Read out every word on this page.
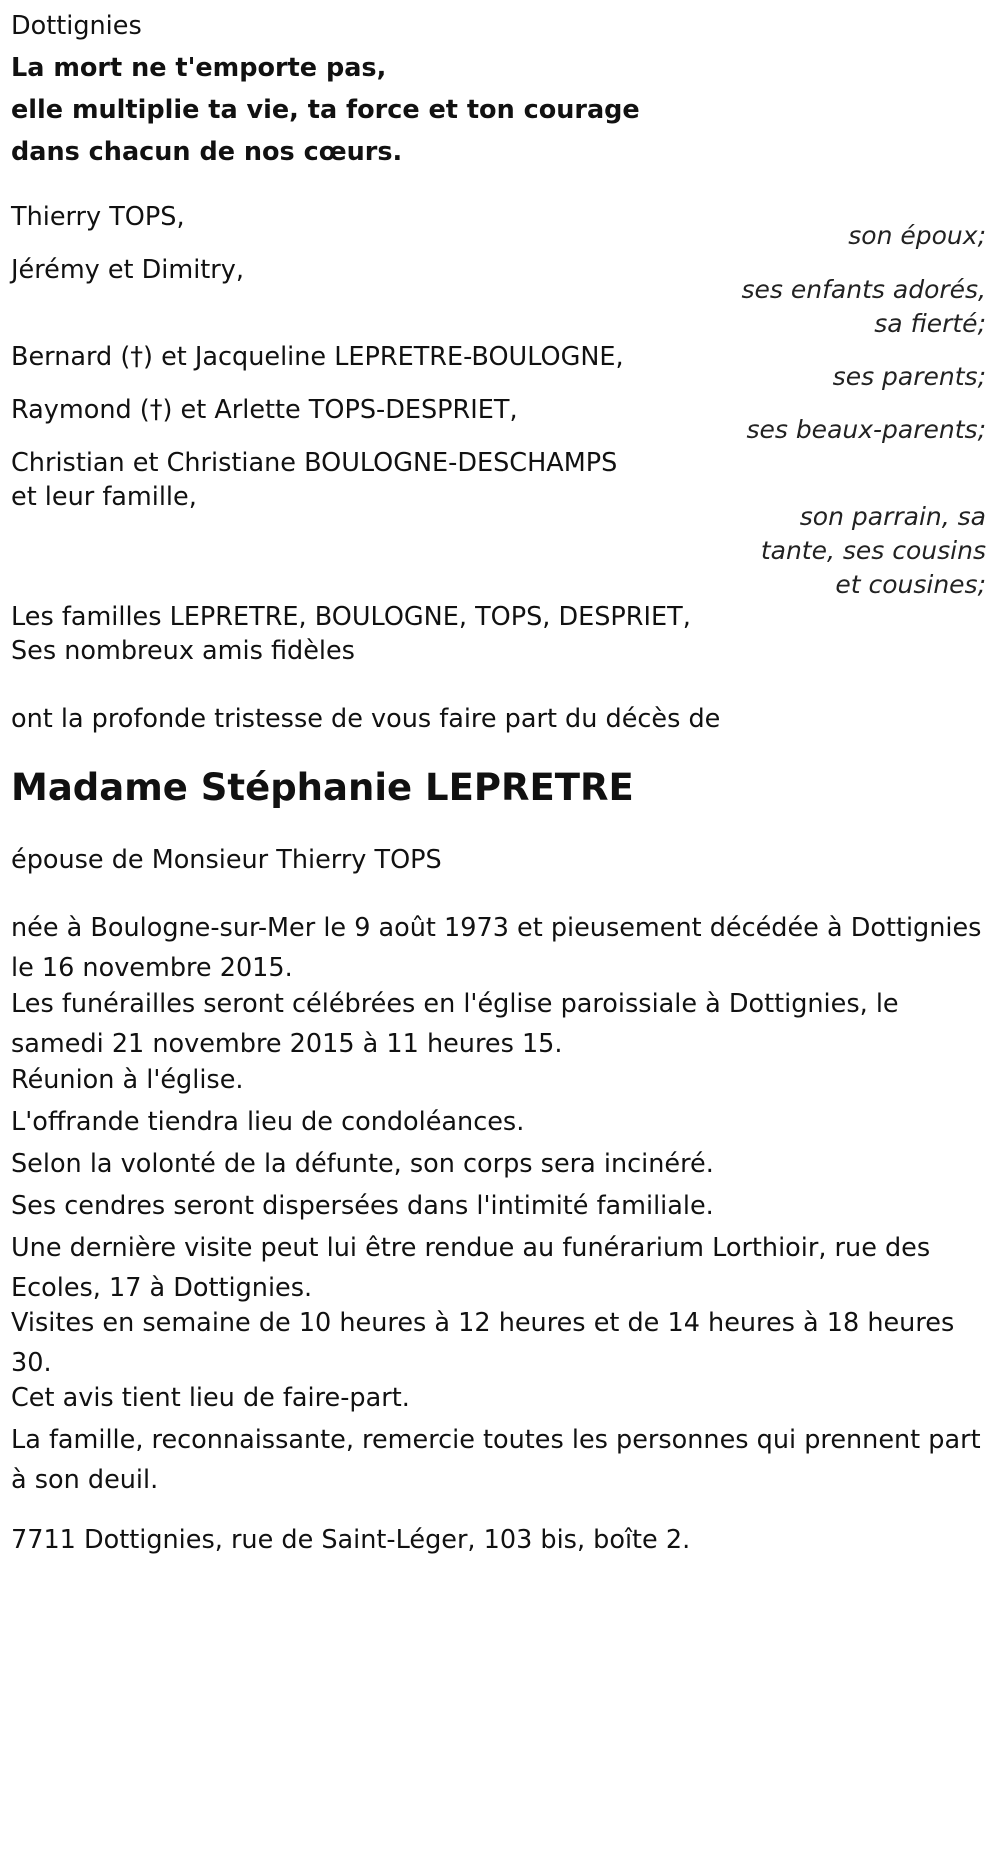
Dottignies

La mort ne t'emporte pas,

elle multiplie ta vie, ta force et ton courage

dans chacun de nos cœurs.

Thierry TOPS,

Jérémy et Dimitry,

Bernard (†) et Jacqueline LEPRETRE-BOULOGNE,

Raymond (†) et Arlette TOPS-DESPRIET,

Christian et Christiane BOULOGNE-DESCHAMPS

et leur famille,

son époux;

ses enfants adorés,

sa fierté;

ses parents;

ses beaux-parents;

son parrain, sa

tante, ses cousins

et cousines;

Les familles LEPRETRE, BOULOGNE, TOPS, DESPRIET,

Ses nombreux amis fidèles

ont la profonde tristesse de vous faire part du décès de

Madame Stéphanie LEPRETRE

épouse de Monsieur Thierry TOPS

née à Boulogne-sur-Mer le 9 août 1973 et pieusement décédée à Dottignies le 16 novembre 2015.

Les funérailles seront célébrées en l'église paroissiale à Dottignies, le samedi 21 novembre 2015 à 11 heures 15.

Réunion à l'église.

L'offrande tiendra lieu de condoléances.

Selon la volonté de la défunte, son corps sera incinéré.

Ses cendres seront dispersées dans l'intimité familiale.

Une dernière visite peut lui être rendue au funérarium Lorthioir, rue des Ecoles, 17 à Dottignies.

Visites en semaine de 10 heures à 12 heures et de 14 heures à 18 heures 30.

Cet avis tient lieu de faire-part.

La famille, reconnaissante, remercie toutes les personnes qui prennent part à son deuil.

7711 Dottignies, rue de Saint-Léger, 103 bis, boîte 2.
